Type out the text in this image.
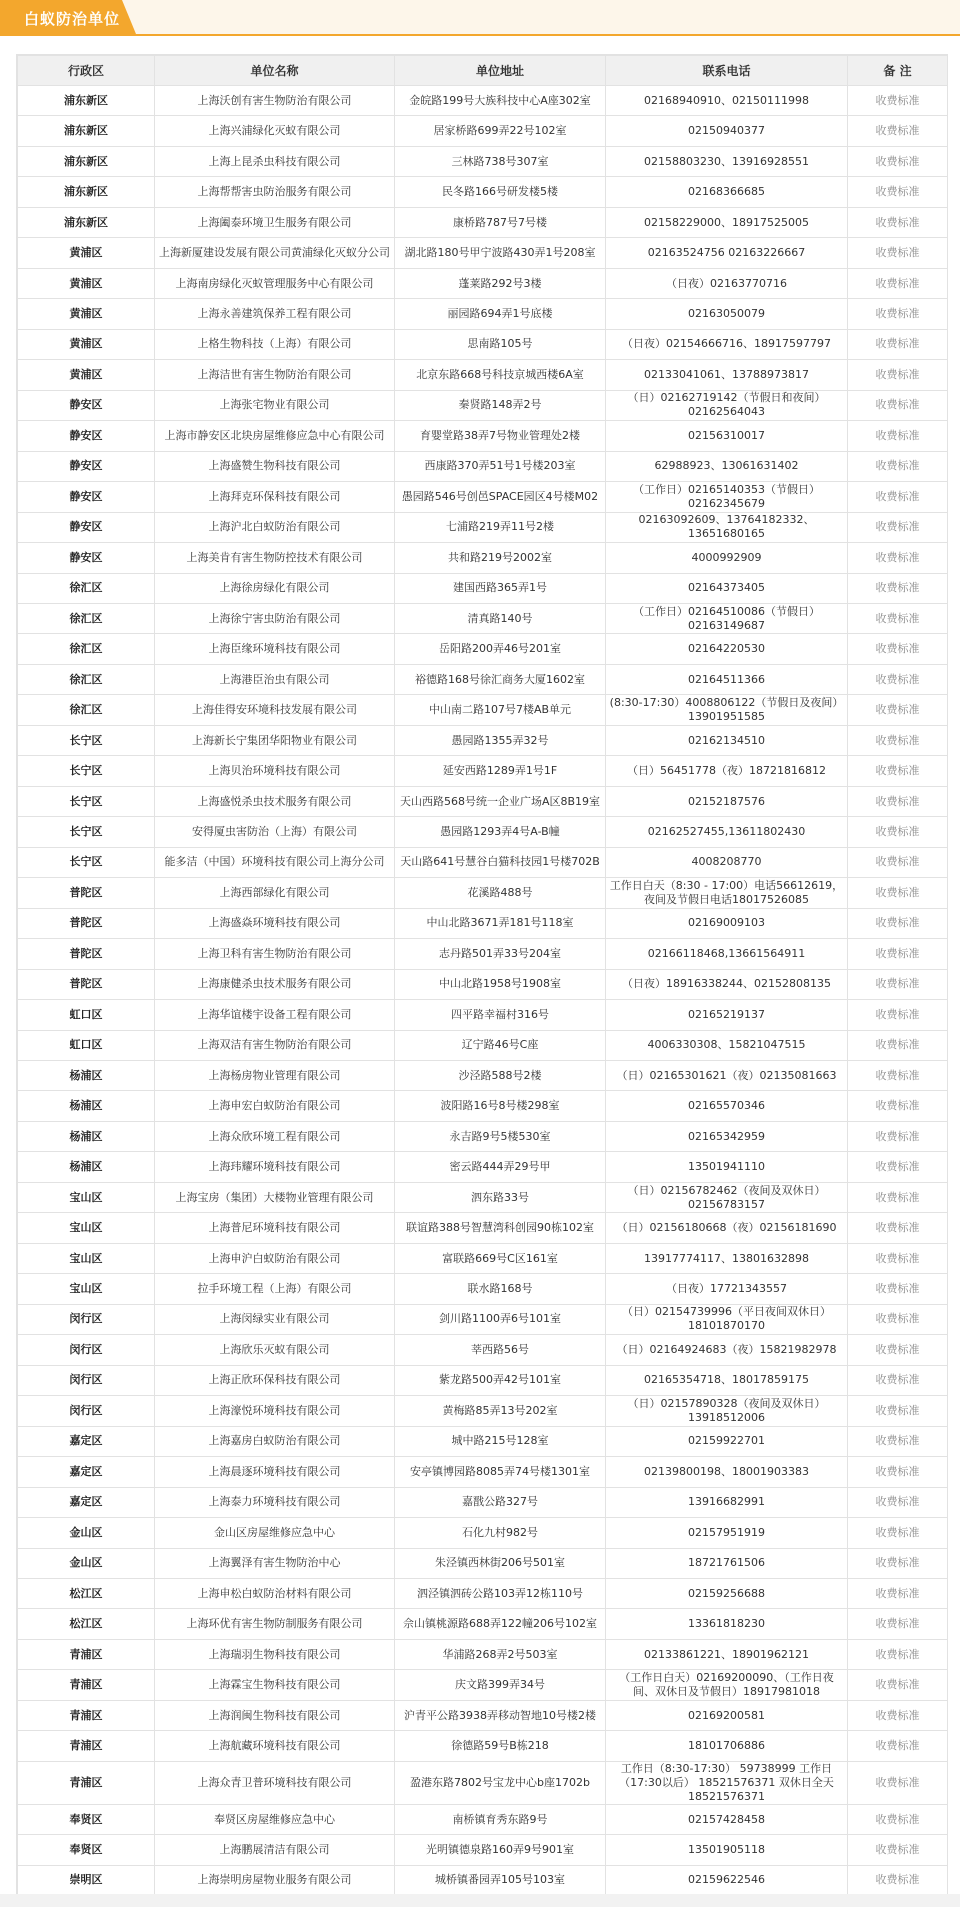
白蚁防治单位
行政区	单位名称	单位地址	联系电话	备 注
浦东新区	上海沃创有害生物防治有限公司	金皖路199号大族科技中心A座302室	02168940910、02150111998	收费标准
浦东新区	上海兴浦绿化灭蚁有限公司	居家桥路699弄22号102室	02150940377	收费标准
浦东新区	上海上昆杀虫科技有限公司	三林路738号307室	02158803230、13916928551	收费标准
浦东新区	上海帮帮害虫防治服务有限公司	民冬路166号研发楼5楼	02168366685	收费标准
浦东新区	上海阖泰环境卫生服务有限公司	康桥路787号7号楼	02158229000、18917525005	收费标准
黄浦区	上海新厦建设发展有限公司黄浦绿化灭蚁分公司	湖北路180号甲宁波路430弄1号208室	02163524756 02163226667	收费标准
黄浦区	上海南房绿化灭蚁管理服务中心有限公司	蓬莱路292号3楼	（日夜）02163770716	收费标准
黄浦区	上海永善建筑保养工程有限公司	丽园路694弄1号底楼	02163050079	收费标准
黄浦区	上格生物科技（上海）有限公司	思南路105号	（日夜）02154666716、18917597797	收费标准
黄浦区	上海洁世有害生物防治有限公司	北京东路668号科技京城西楼6A室	02133041061、13788973817	收费标准
静安区	上海张宅物业有限公司	秦贤路148弄2号	（日）02162719142（节假日和夜间）02162564043	收费标准
静安区	上海市静安区北块房屋维修应急中心有限公司	育婴堂路38弄7号物业管理处2楼	02156310017	收费标准
静安区	上海盛赞生物科技有限公司	西康路370弄51号1号楼203室	62988923、13061631402	收费标准
静安区	上海拜克环保科技有限公司	愚园路546号创邑SPACE园区4号楼M02	（工作日）02165140353（节假日）02162345679	收费标准
静安区	上海沪北白蚁防治有限公司	七浦路219弄11号2楼	02163092609、13764182332、13651680165	收费标准
静安区	上海美肯有害生物防控技术有限公司	共和路219号2002室	4000992909	收费标准
徐汇区	上海徐房绿化有限公司	建国西路365弄1号	02164373405	收费标准
徐汇区	上海徐宁害虫防治有限公司	清真路140号	（工作日）02164510086（节假日）02163149687	收费标准
徐汇区	上海臣缘环境科技有限公司	岳阳路200弄46号201室	02164220530	收费标准
徐汇区	上海港臣治虫有限公司	裕德路168号徐汇商务大厦1602室	02164511366	收费标准
徐汇区	上海佳得安环境科技发展有限公司	中山南二路107号7楼AB单元	(8:30-17:30）4008806122（节假日及夜间）13901951585	收费标准
长宁区	上海新长宁集团华阳物业有限公司	愚园路1355弄32号	02162134510	收费标准
长宁区	上海贝治环境科技有限公司	延安西路1289弄1号1F	（日）56451778（夜）18721816812	收费标准
长宁区	上海盛悦杀虫技术服务有限公司	天山西路568号统一企业广场A区8B19室	02152187576	收费标准
长宁区	安得厦虫害防治（上海）有限公司	愚园路1293弄4号A-B幢	02162527455,13611802430	收费标准
长宁区	能多洁（中国）环境科技有限公司上海分公司	天山路641号慧谷白猫科技园1号楼702B	4008208770	收费标准
普陀区	上海西部绿化有限公司	花溪路488号	工作日白天（8:30 - 17:00）电话56612619，夜间及节假日电话18017526085	收费标准
普陀区	上海盛焱环境科技有限公司	中山北路3671弄181号118室	02169009103	收费标准
普陀区	上海卫科有害生物防治有限公司	志丹路501弄33号204室	02166118468,13661564911	收费标准
普陀区	上海康健杀虫技术服务有限公司	中山北路1958号1908室	（日夜）18916338244、02152808135	收费标准
虹口区	上海华谊楼宇设备工程有限公司	四平路幸福村316号	02165219137	收费标准
虹口区	上海双洁有害生物防治有限公司	辽宁路46号C座	4006330308、15821047515	收费标准
杨浦区	上海杨房物业管理有限公司	沙泾路588号2楼	（日）02165301621（夜）02135081663	收费标准
杨浦区	上海申宏白蚁防治有限公司	波阳路16号8号楼298室	02165570346	收费标准
杨浦区	上海众欣环境工程有限公司	永吉路9号5楼530室	02165342959	收费标准
杨浦区	上海玮耀环境科技有限公司	密云路444弄29号甲	13501941110	收费标准
宝山区	上海宝房（集团）大楼物业管理有限公司	泗东路33号	（日）02156782462（夜间及双休日）02156783157	收费标准
宝山区	上海普尼环境科技有限公司	联谊路388号智慧湾科创园90栋102室	（日）02156180668（夜）02156181690	收费标准
宝山区	上海申沪白蚁防治有限公司	富联路669号C区161室	13917774117、13801632898	收费标准
宝山区	拉手环境工程（上海）有限公司	联水路168号	（日夜）17721343557	收费标准
闵行区	上海闵绿实业有限公司	剑川路1100弄6号101室	（日）02154739996（平日夜间双休日）18101870170	收费标准
闵行区	上海欣乐灭蚁有限公司	莘西路56号	（日）02164924683（夜）15821982978	收费标准
闵行区	上海正欣环保科技有限公司	紫龙路500弄42号101室	02165354718、18017859175	收费标准
闵行区	上海濠悦环境科技有限公司	黄梅路85弄13号202室	（日）02157890328（夜间及双休日）13918512006	收费标准
嘉定区	上海嘉房白蚁防治有限公司	城中路215号128室	02159922701	收费标准
嘉定区	上海晨逐环境科技有限公司	安亭镇博园路8085弄74号楼1301室	02139800198、18001903383	收费标准
嘉定区	上海泰力环境科技有限公司	嘉戬公路327号	13916682991	收费标准
金山区	金山区房屋维修应急中心	石化九村982号	02157951919	收费标准
金山区	上海翼泽有害生物防治中心	朱泾镇西林街206号501室	18721761506	收费标准
松江区	上海申松白蚁防治材料有限公司	泗泾镇泗砖公路103弄12栋110号	02159256688	收费标准
松江区	上海环优有害生物防制服务有限公司	佘山镇桃源路688弄122幢206号102室	13361818230	收费标准
青浦区	上海瑞羽生物科技有限公司	华浦路268弄2号503室	02133861221、18901962121	收费标准
青浦区	上海霖宝生物科技有限公司	庆文路399弄34号	（工作日白天）02169200090、（工作日夜间、双休日及节假日）18917981018	收费标准
青浦区	上海润闽生物科技有限公司	沪青平公路3938弄移动智地10号楼2楼	02169200581	收费标准
青浦区	上海航藏环境科技有限公司	徐德路59号B栋218	18101706886	收费标准
青浦区	上海众青卫普环境科技有限公司	盈港东路7802号宝龙中心b座1702b	工作日（8:30-17:30） 59738999 工作日（17:30以后） 18521576371 双休日全天 18521576371	收费标准
奉贤区	奉贤区房屋维修应急中心	南桥镇育秀东路9号	02157428458	收费标准
奉贤区	上海鹏展清洁有限公司	光明镇德泉路160弄9号901室	13501905118	收费标准
崇明区	上海崇明房屋物业服务有限公司	城桥镇番园弄105号103室	02159622546	收费标准
